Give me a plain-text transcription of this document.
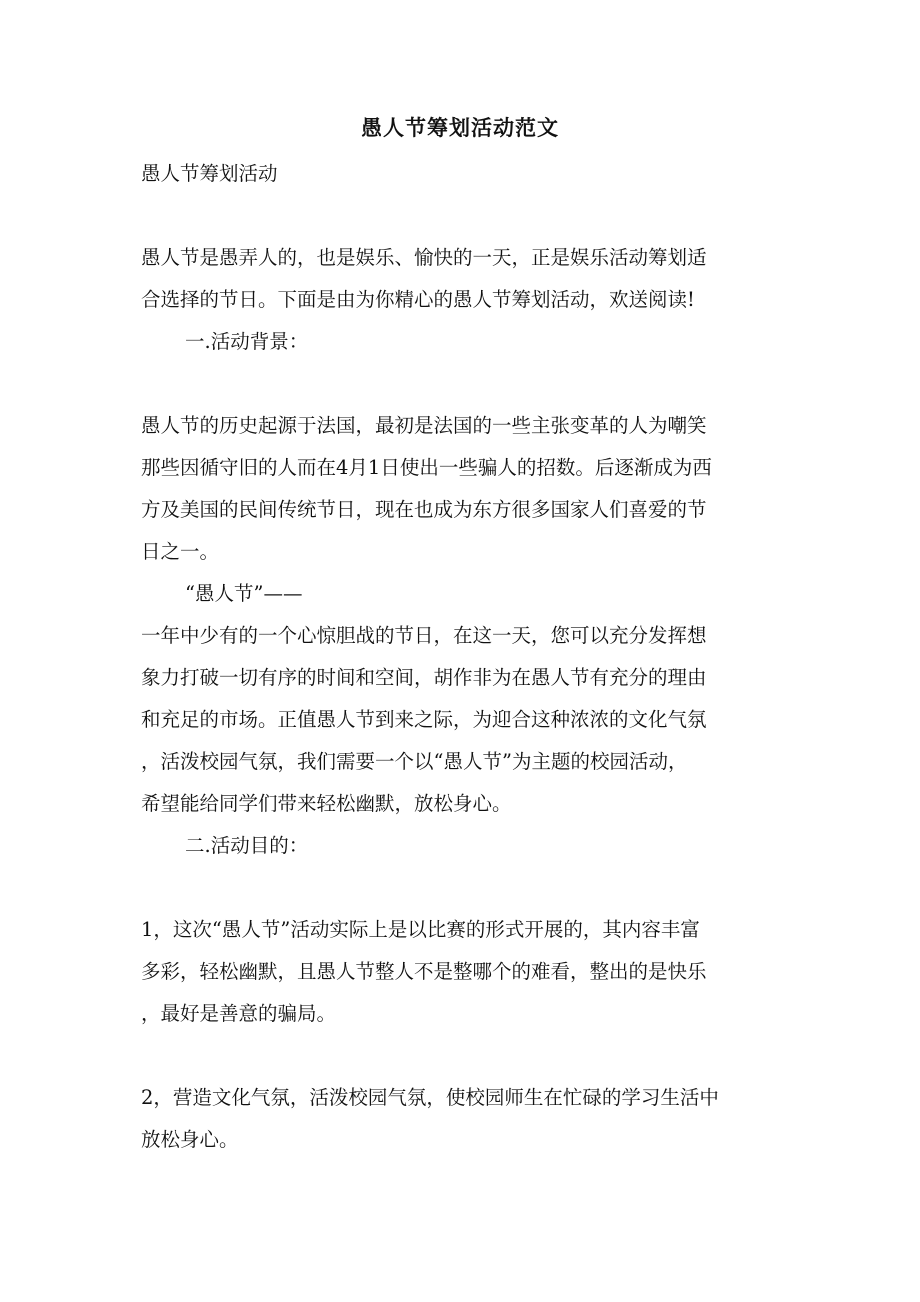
愚人节筹划活动范文
愚人节筹划活动
愚人节是愚弄人的，也是娱乐、愉快的一天，正是娱乐活动筹划适
合选择的节日。下面是由为你精心的愚人节筹划活动，欢送阅读!
一.活动背景：
愚人节的历史起源于法国，最初是法国的一些主张变革的人为嘲笑
那些因循守旧的人而在4月1日使出一些骗人的招数。后逐渐成为西
方及美国的民间传统节日，现在也成为东方很多国家人们喜爱的节
日之一。
“愚人节”——
一年中少有的一个心惊胆战的节日，在这一天，您可以充分发挥想
象力打破一切有序的时间和空间，胡作非为在愚人节有充分的理由
和充足的市场。正值愚人节到来之际，为迎合这种浓浓的文化气氛
，活泼校园气氛，我们需要一个以“愚人节”为主题的校园活动，
希望能给同学们带来轻松幽默，放松身心。
二.活动目的：
1，这次“愚人节”活动实际上是以比赛的形式开展的，其内容丰富
多彩，轻松幽默，且愚人节整人不是整哪个的难看，整出的是快乐
，最好是善意的骗局。
2，营造文化气氛，活泼校园气氛，使校园师生在忙碌的学习生活中
放松身心。
